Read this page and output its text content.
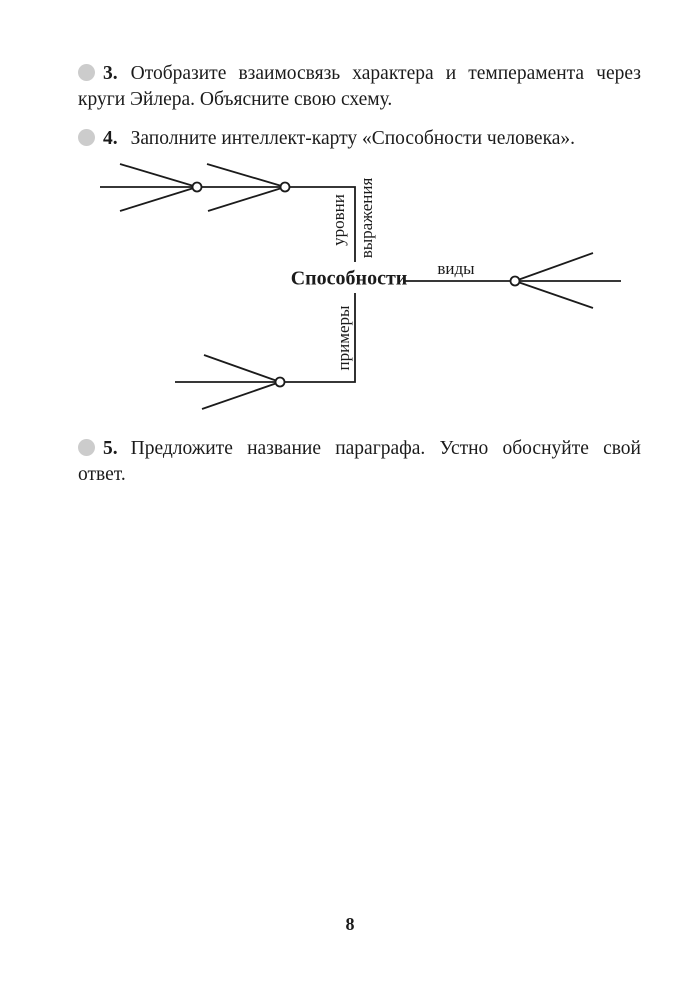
3. Отобразите взаимосвязь характера и темперамента через круги Эйлера. Объясните свою схему.
4. Заполните интеллект-карту «Способности человека».
уровни выражения
виды
примеры
Способности
5. Предложите название параграфа. Устно обоснуйте свой ответ.
8
